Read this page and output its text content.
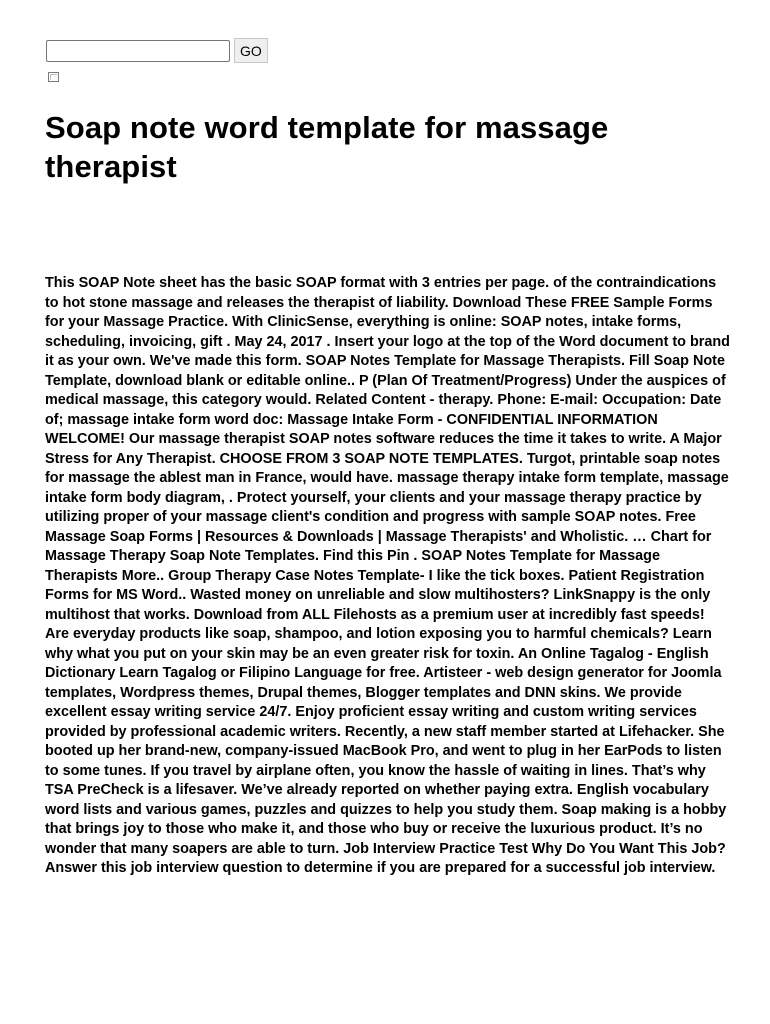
GO
Soap note word template for massage therapist

This SOAP Note sheet has the basic SOAP format with 3 entries per page. of the contraindications to hot stone massage and releases the therapist of liability. Download These FREE Sample Forms for your Massage Practice. With ClinicSense, everything is online: SOAP notes, intake forms, scheduling, invoicing, gift . May 24, 2017 . Insert your logo at the top of the Word document to brand it as your own. We've made this form. SOAP Notes Template for Massage Therapists. Fill Soap Note Template, download blank or editable online.. P (Plan Of Treatment/Progress) Under the auspices of medical massage, this category would. Related Content - therapy. Phone: E-mail: Occupation: Date of; massage intake form word doc: Massage Intake Form - CONFIDENTIAL INFORMATION WELCOME! Our massage therapist SOAP notes software reduces the time it takes to write. A Major Stress for Any Therapist. CHOOSE FROM 3 SOAP NOTE TEMPLATES. Turgot, printable soap notes for massage the ablest man in France, would have. massage therapy intake form template, massage intake form body diagram, . Protect yourself, your clients and your massage therapy practice by utilizing proper of your massage client's condition and progress with sample SOAP notes. Free Massage Soap Forms | Resources & Downloads | Massage Therapists' and Wholistic. … Chart for Massage Therapy Soap Note Templates. Find this Pin . SOAP Notes Template for Massage Therapists More.. Group Therapy Case Notes Template- I like the tick boxes. Patient Registration Forms for MS Word.. Wasted money on unreliable and slow multihosters? LinkSnappy is the only multihost that works. Download from ALL Filehosts as a premium user at incredibly fast speeds! Are everyday products like soap, shampoo, and lotion exposing you to harmful chemicals? Learn why what you put on your skin may be an even greater risk for toxin. An Online Tagalog - English Dictionary Learn Tagalog or Filipino Language for free. Artisteer - web design generator for Joomla templates, Wordpress themes, Drupal themes, Blogger templates and DNN skins. We provide excellent essay writing service 24/7. Enjoy proficient essay writing and custom writing services provided by professional academic writers. Recently, a new staff member started at Lifehacker. She booted up her brand-new, company-issued MacBook Pro, and went to plug in her EarPods to listen to some tunes. If you travel by airplane often, you know the hassle of waiting in lines. That’s why TSA PreCheck is a lifesaver. We’ve already reported on whether paying extra. English vocabulary word lists and various games, puzzles and quizzes to help you study them. Soap making is a hobby that brings joy to those who make it, and those who buy or receive the luxurious product. It’s no wonder that many soapers are able to turn. Job Interview Practice Test Why Do You Want This Job? Answer this job interview question to determine if you are prepared for a successful job interview.
